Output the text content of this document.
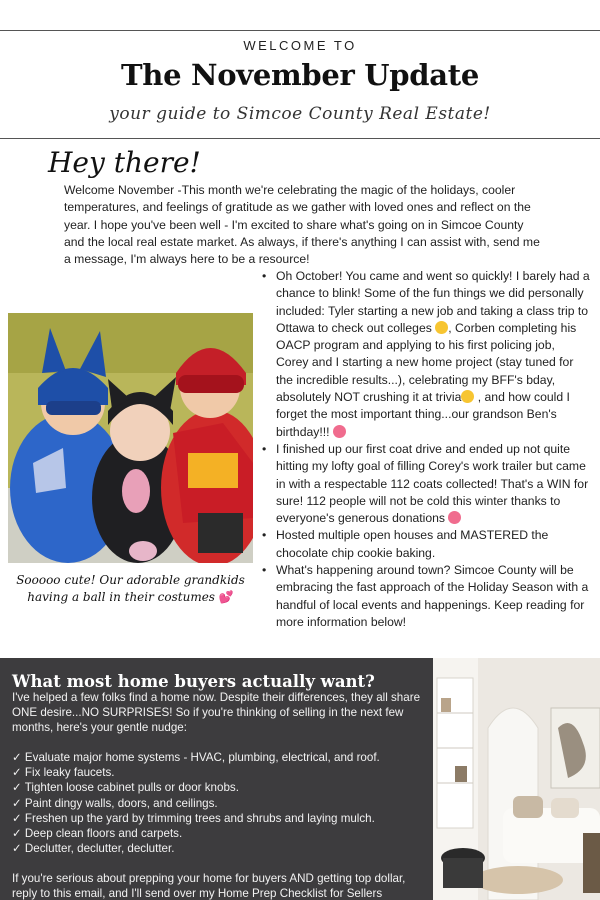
WELCOME TO
The November Update
your guide to Simcoe County Real Estate!
Hey there!
Welcome November -This month we're celebrating the magic of the holidays, cooler temperatures, and feelings of gratitude as we gather with loved ones and reflect on the year. I hope you've been well - I'm excited to share what's going on in Simcoe County and the local real estate market. As always, if there's anything I can assist with, send me a message, I'm always here to be a resource!
Sooooo cute! Our adorable grandkids having a ball in their costumes 💕
• Oh October! You came and went so quickly! I barely had a chance to blink! Some of the fun things we did personally included: Tyler starting a new job and taking a class trip to Ottawa to check out colleges , Corben completing his OACP program and applying to his first policing job, Corey and I starting a new home project (stay tuned for the incredible results...), celebrating my BFF's bday, absolutely NOT crushing it at trivia , and how could I forget the most important thing...our grandson Ben's birthday!!!
• I finished up our first coat drive and ended up not quite hitting my lofty goal of filling Corey's work trailer but came in with a respectable 112 coats collected! That's a WIN for sure! 112 people will not be cold this winter thanks to everyone's generous donations
• Hosted multiple open houses and MASTERED the chocolate chip cookie baking.
• What's happening around town? Simcoe County will be embracing the fast approach of the Holiday Season with a handful of local events and happenings. Keep reading for more information below!
What most home buyers actually want?
I've helped a few folks find a home now. Despite their differences, they all share ONE desire...NO SURPRISES! So if you're thinking of selling in the next few months, here's your gentle nudge:
✓ Evaluate major home systems - HVAC, plumbing, electrical, and roof.
✓ Fix leaky faucets.
✓ Tighten loose cabinet pulls or door knobs.
✓ Paint dingy walls, doors, and ceilings.
✓ Freshen up the yard by trimming trees and shrubs and laying mulch.
✓ Deep clean floors and carpets.
✓ Declutter, declutter, declutter.
If you're serious about prepping your home for buyers AND getting top dollar, reply to this email, and I'll send over my Home Prep Checklist for Sellers
